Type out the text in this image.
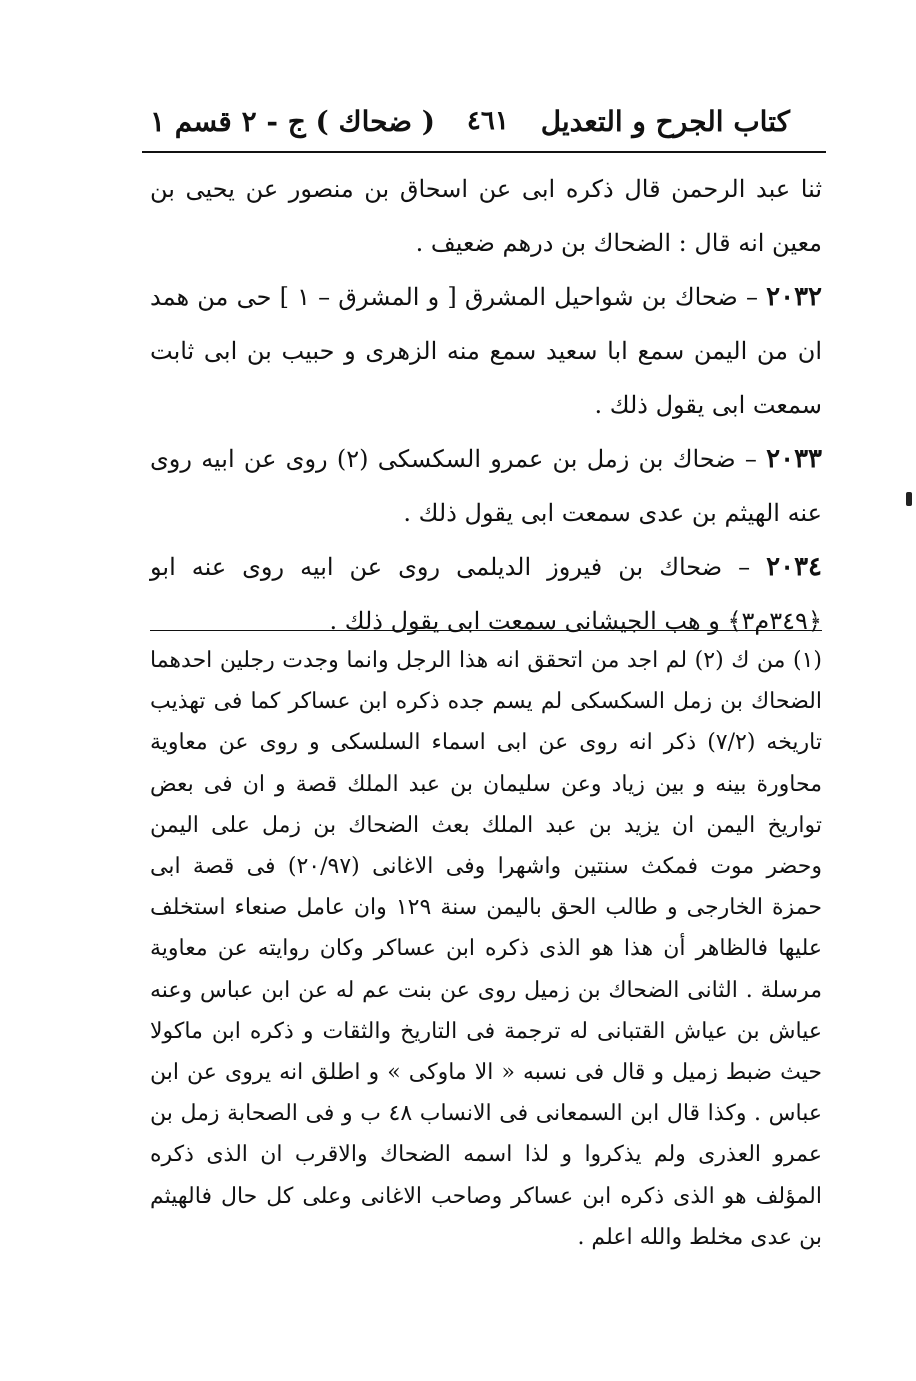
كتاب الجرح و التعديل
٤٦١
( ضحاك ) ج - ٢ قسم ١

ثنا عبد الرحمن قال ذكره ابى عن اسحاق بن منصور عن يحيى بن معين انه قال : الضحاك بن درهم ضعيف .

٢٠٣٢ – ضحاك بن شواحيل المشرق [ و المشرق – ١ ] حى من همد ان من اليمن سمع ابا سعيد سمع منه الزهرى و حبيب بن ابى ثابت سمعت ابى يقول ذلك .

٢٠٣٣ – ضحاك بن زمل بن عمرو السكسكى (٢) روى عن ابيه روى عنه الهيثم بن عدى سمعت ابى يقول ذلك .

٢٠٣٤ – ضحاك بن فيروز الديلمى روى عن ابيه روى عنه ابو ﴿٣٤٩م٣﴾ و هب الجيشانى سمعت ابى يقول ذلك .

(١) من ك (٢) لم اجد من اتحقق انه هذا الرجل وانما وجدت رجلين احدهما الضحاك بن زمل السكسكى لم يسم جده ذكره ابن عساكر كما فى تهذيب تاريخه (٧/٢) ذكر انه روى عن ابى اسماء السلسكى و روى عن معاوية محاورة بينه و بين زياد وعن سليمان بن عبد الملك قصة و ان فى بعض تواريخ اليمن ان يزيد بن عبد الملك بعث الضحاك بن زمل على اليمن وحضر موت فمكث سنتين واشهرا وفى الاغانى (٢٠/٩٧) فى قصة ابى حمزة الخارجى و طالب الحق باليمن سنة ١٢٩ وان عامل صنعاء استخلف عليها فالظاهر أن هذا هو الذى ذكره ابن عساكر وكان روايته عن معاوية مرسلة . الثانى الضحاك بن زميل روى عن بنت عم له عن ابن عباس وعنه عياش بن عياش القتبانى له ترجمة فى التاريخ والثقات و ذكره ابن ماكولا حيث ضبط زميل و قال فى نسبه « الا ماوكى » و اطلق انه يروى عن ابن عباس . وكذا قال ابن السمعانى فى الانساب ٤٨ ب و فى الصحابة زمل بن عمرو العذرى ولم يذكروا و لذا اسمه الضحاك والاقرب ان الذى ذكره المؤلف هو الذى ذكره ابن عساكر وصاحب الاغانى وعلى كل حال فالهيثم بن عدى مخلط والله اعلم .
